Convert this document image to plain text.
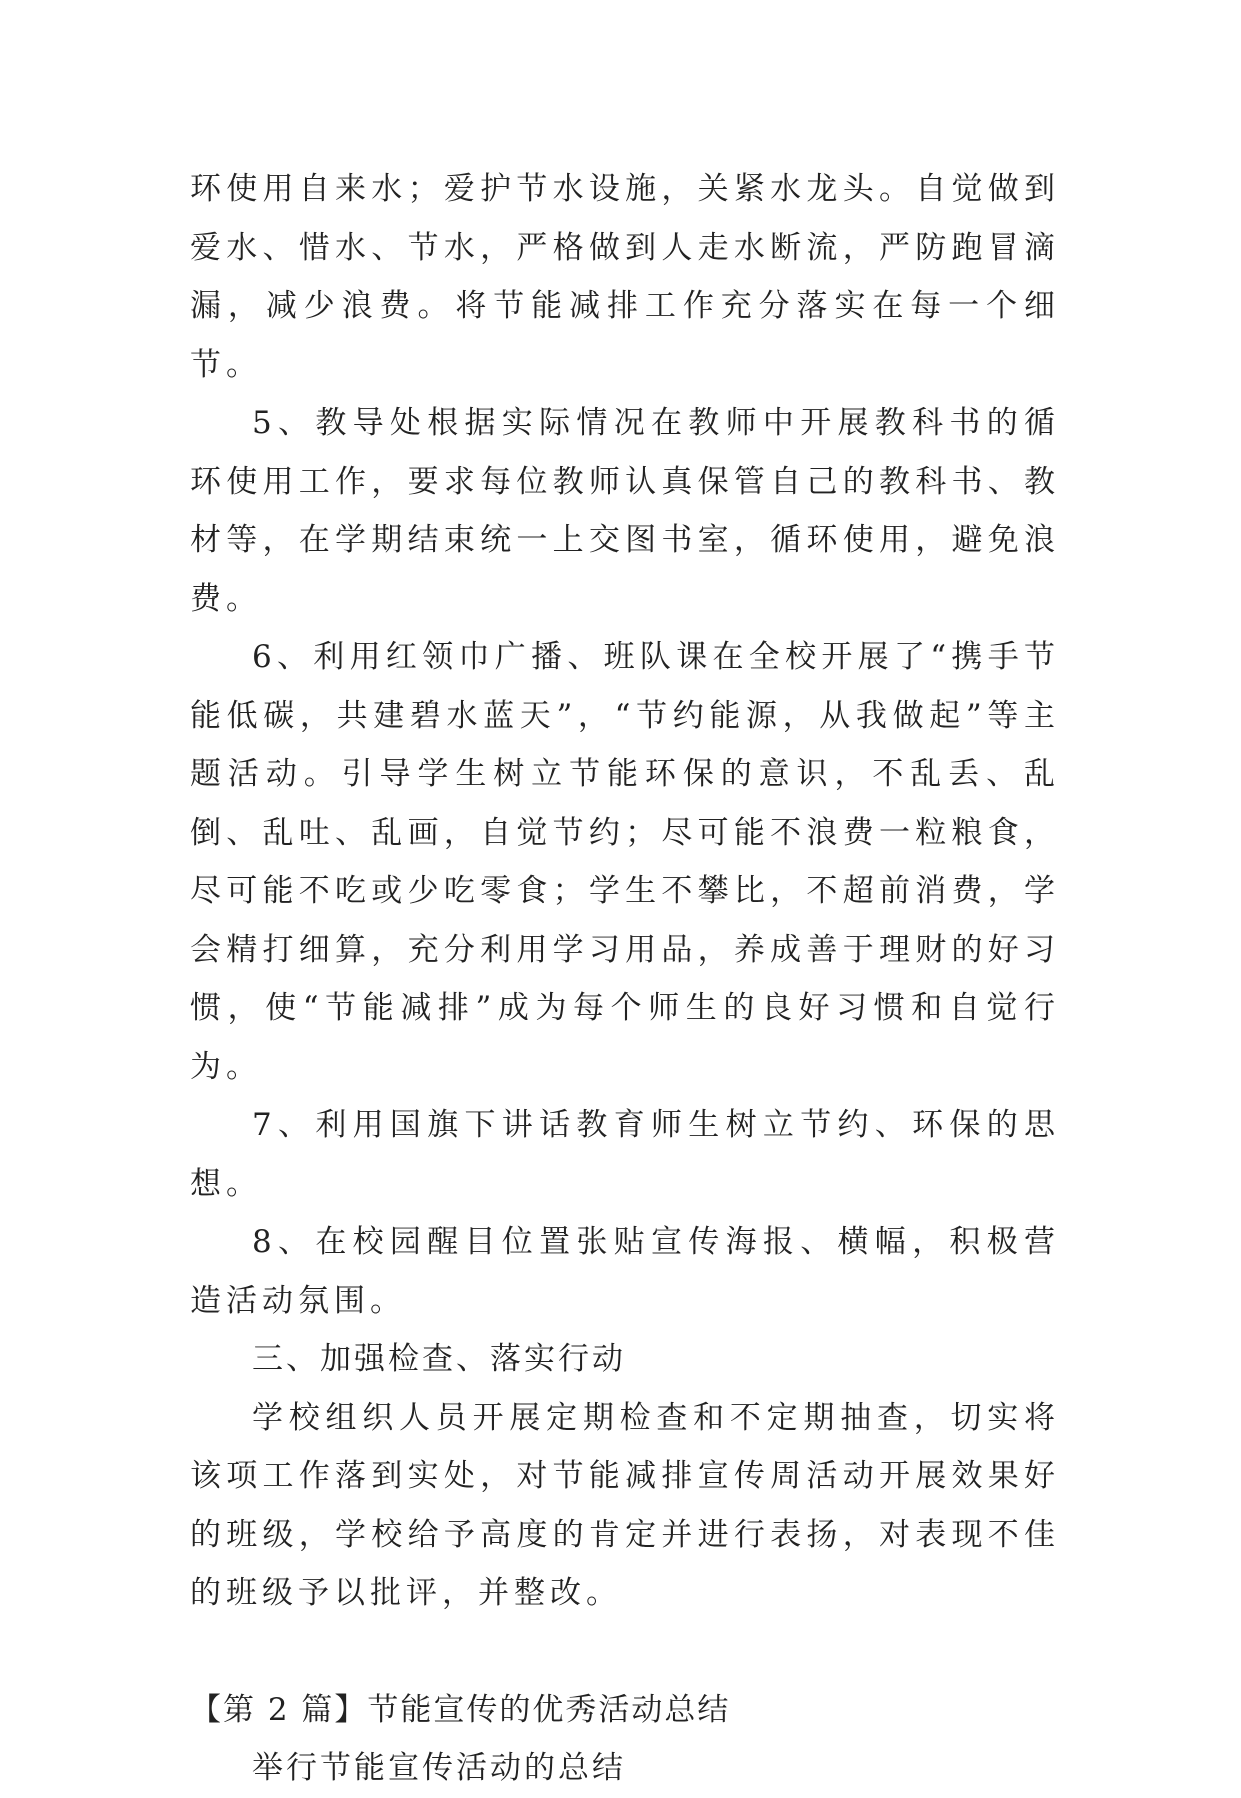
环使用自来水；爱护节水设施，关紧水龙头。自觉做到爱水、惜水、节水，严格做到人走水断流，严防跑冒滴漏，减少浪费。将节能减排工作充分落实在每一个细节。

5、教导处根据实际情况在教师中开展教科书的循环使用工作，要求每位教师认真保管自己的教科书、教材等，在学期结束统一上交图书室，循环使用，避免浪费。

6、利用红领巾广播、班队课在全校开展了“携手节能低碳，共建碧水蓝天”，“节约能源，从我做起”等主题活动。引导学生树立节能环保的意识，不乱丢、乱倒、乱吐、乱画，自觉节约；尽可能不浪费一粒粮食，尽可能不吃或少吃零食；学生不攀比，不超前消费，学会精打细算，充分利用学习用品，养成善于理财的好习惯，使“节能减排”成为每个师生的良好习惯和自觉行为。

7、利用国旗下讲话教育师生树立节约、环保的思想。

8、在校园醒目位置张贴宣传海报、横幅，积极营造活动氛围。

三、加强检查、落实行动

学校组织人员开展定期检查和不定期抽查，切实将该项工作落到实处，对节能减排宣传周活动开展效果好的班级，学校给予高度的肯定并进行表扬，对表现不佳的班级予以批评，并整改。

【第 2 篇】节能宣传的优秀活动总结

举行节能宣传活动的总结
